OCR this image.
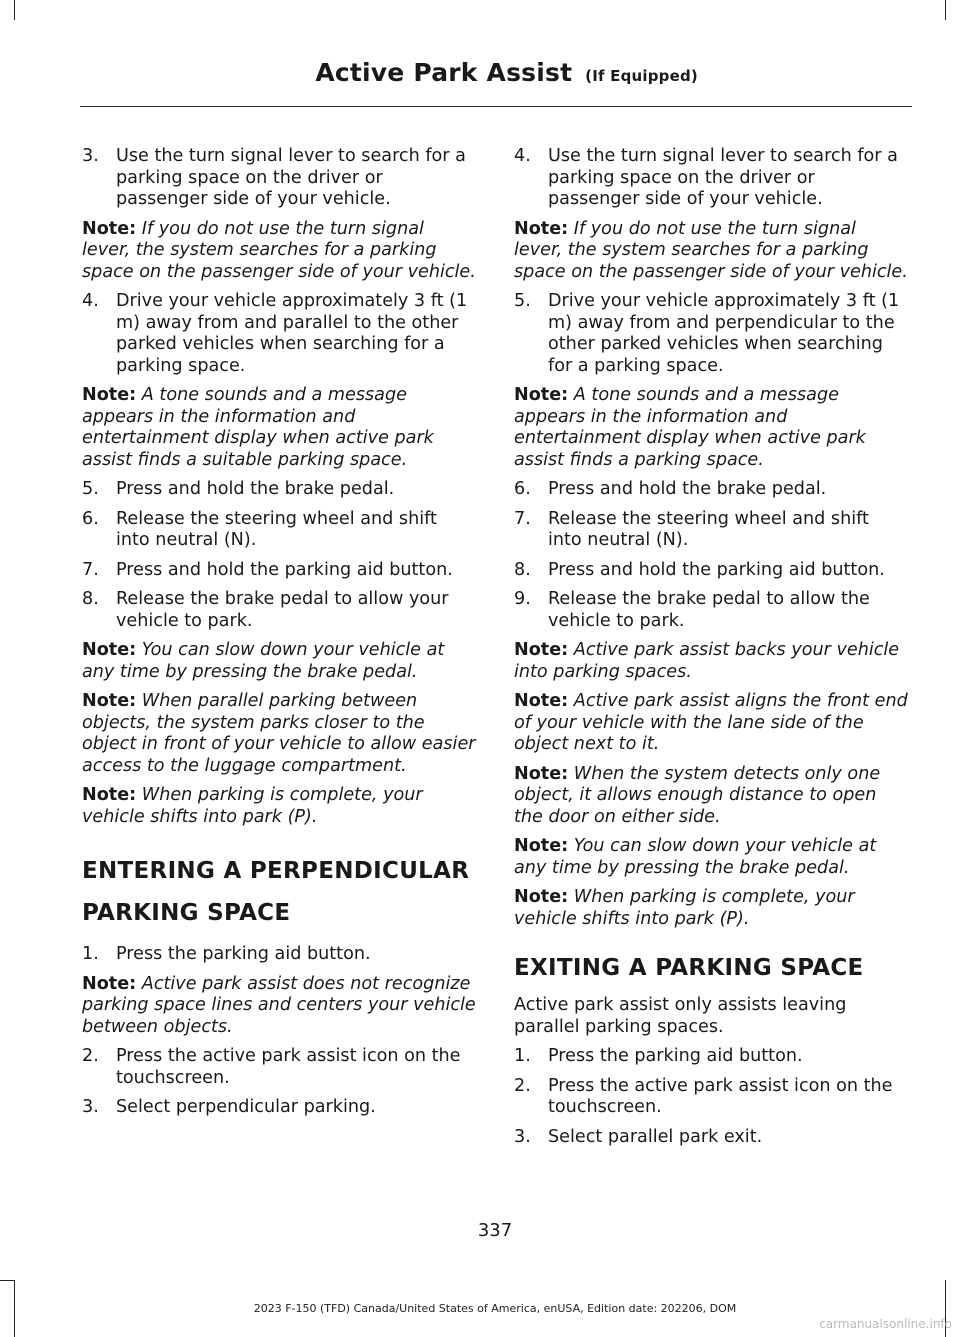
Active Park Assist (If Equipped)
3. Use the turn signal lever to search for a parking space on the driver or passenger side of your vehicle.
Note: If you do not use the turn signal lever, the system searches for a parking space on the passenger side of your vehicle.
4. Drive your vehicle approximately 3 ft (1 m) away from and parallel to the other parked vehicles when searching for a parking space.
Note: A tone sounds and a message appears in the information and entertainment display when active park assist finds a suitable parking space.
5. Press and hold the brake pedal.
6. Release the steering wheel and shift into neutral (N).
7. Press and hold the parking aid button.
8. Release the brake pedal to allow your vehicle to park.
Note: You can slow down your vehicle at any time by pressing the brake pedal.
Note: When parallel parking between objects, the system parks closer to the object in front of your vehicle to allow easier access to the luggage compartment.
Note: When parking is complete, your vehicle shifts into park (P).
ENTERING A PERPENDICULAR
PARKING SPACE
1. Press the parking aid button.
Note: Active park assist does not recognize parking space lines and centers your vehicle between objects.
2. Press the active park assist icon on the touchscreen.
3. Select perpendicular parking.
4. Use the turn signal lever to search for a parking space on the driver or passenger side of your vehicle.
Note: If you do not use the turn signal lever, the system searches for a parking space on the passenger side of your vehicle.
5. Drive your vehicle approximately 3 ft (1 m) away from and perpendicular to the other parked vehicles when searching for a parking space.
Note: A tone sounds and a message appears in the information and entertainment display when active park assist finds a parking space.
6. Press and hold the brake pedal.
7. Release the steering wheel and shift into neutral (N).
8. Press and hold the parking aid button.
9. Release the brake pedal to allow the vehicle to park.
Note: Active park assist backs your vehicle into parking spaces.
Note: Active park assist aligns the front end of your vehicle with the lane side of the object next to it.
Note: When the system detects only one object, it allows enough distance to open the door on either side.
Note: You can slow down your vehicle at any time by pressing the brake pedal.
Note: When parking is complete, your vehicle shifts into park (P).
EXITING A PARKING SPACE
Active park assist only assists leaving parallel parking spaces.
1. Press the parking aid button.
2. Press the active park assist icon on the touchscreen.
3. Select parallel park exit.
337
2023 F-150 (TFD) Canada/United States of America, enUSA, Edition date: 202206, DOM
carmanualsonline.info
